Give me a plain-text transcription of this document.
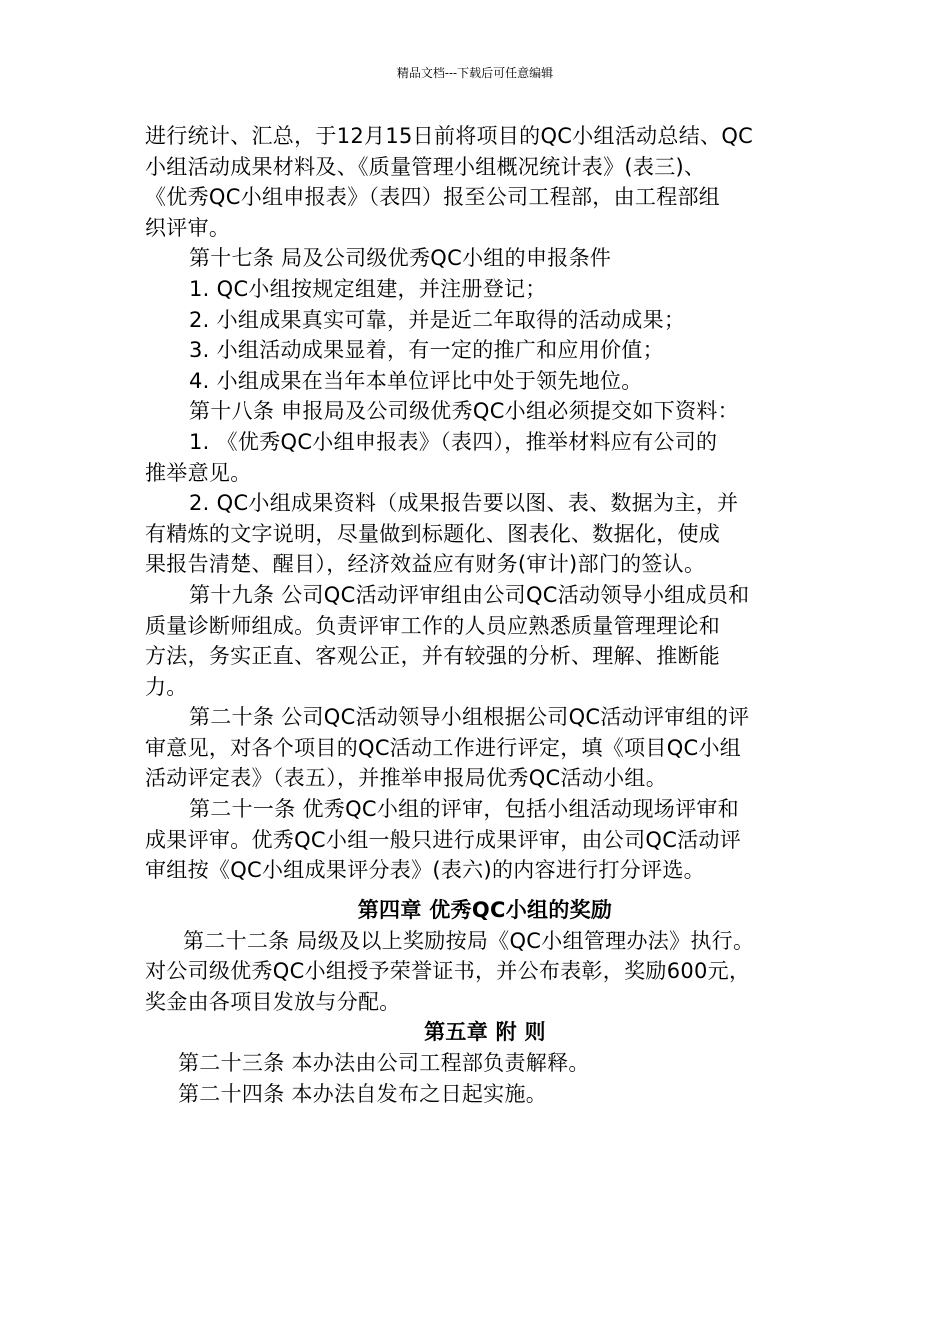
精品文档---下载后可任意编辑

进行统计、汇总，于12月15日前将项目的QC小组活动总结、QC

小组活动成果材料及、《质量管理小组概况统计表》(表三)、

《优秀QC小组申报表》（表四）报至公司工程部，由工程部组

织评审。

第十七条 局及公司级优秀QC小组的申报条件

1. QC小组按规定组建，并注册登记；

2. 小组成果真实可靠，并是近二年取得的活动成果；

3. 小组活动成果显着，有一定的推广和应用价值；

4. 小组成果在当年本单位评比中处于领先地位。

第十八条 申报局及公司级优秀QC小组必须提交如下资料：

1. 《优秀QC小组申报表》（表四），推举材料应有公司的

推举意见。

2. QC小组成果资料（成果报告要以图、表、数据为主，并

有精炼的文字说明，尽量做到标题化、图表化、数据化，使成

果报告清楚、醒目），经济效益应有财务(审计)部门的签认。

第十九条 公司QC活动评审组由公司QC活动领导小组成员和

质量诊断师组成。负责评审工作的人员应熟悉质量管理理论和

方法，务实正直、客观公正，并有较强的分析、理解、推断能

力。

第二十条 公司QC活动领导小组根据公司QC活动评审组的评

审意见，对各个项目的QC活动工作进行评定，填《项目QC小组

活动评定表》（表五），并推举申报局优秀QC活动小组。

第二十一条 优秀QC小组的评审，包括小组活动现场评审和

成果评审。优秀QC小组一般只进行成果评审，由公司QC活动评

审组按《QC小组成果评分表》(表六)的内容进行打分评选。

第四章 优秀QC小组的奖励

第二十二条 局级及以上奖励按局《QC小组管理办法》执行。

对公司级优秀QC小组授予荣誉证书，并公布表彰，奖励600元，

奖金由各项目发放与分配。

第五章 附 则

第二十三条 本办法由公司工程部负责解释。

第二十四条 本办法自发布之日起实施。
